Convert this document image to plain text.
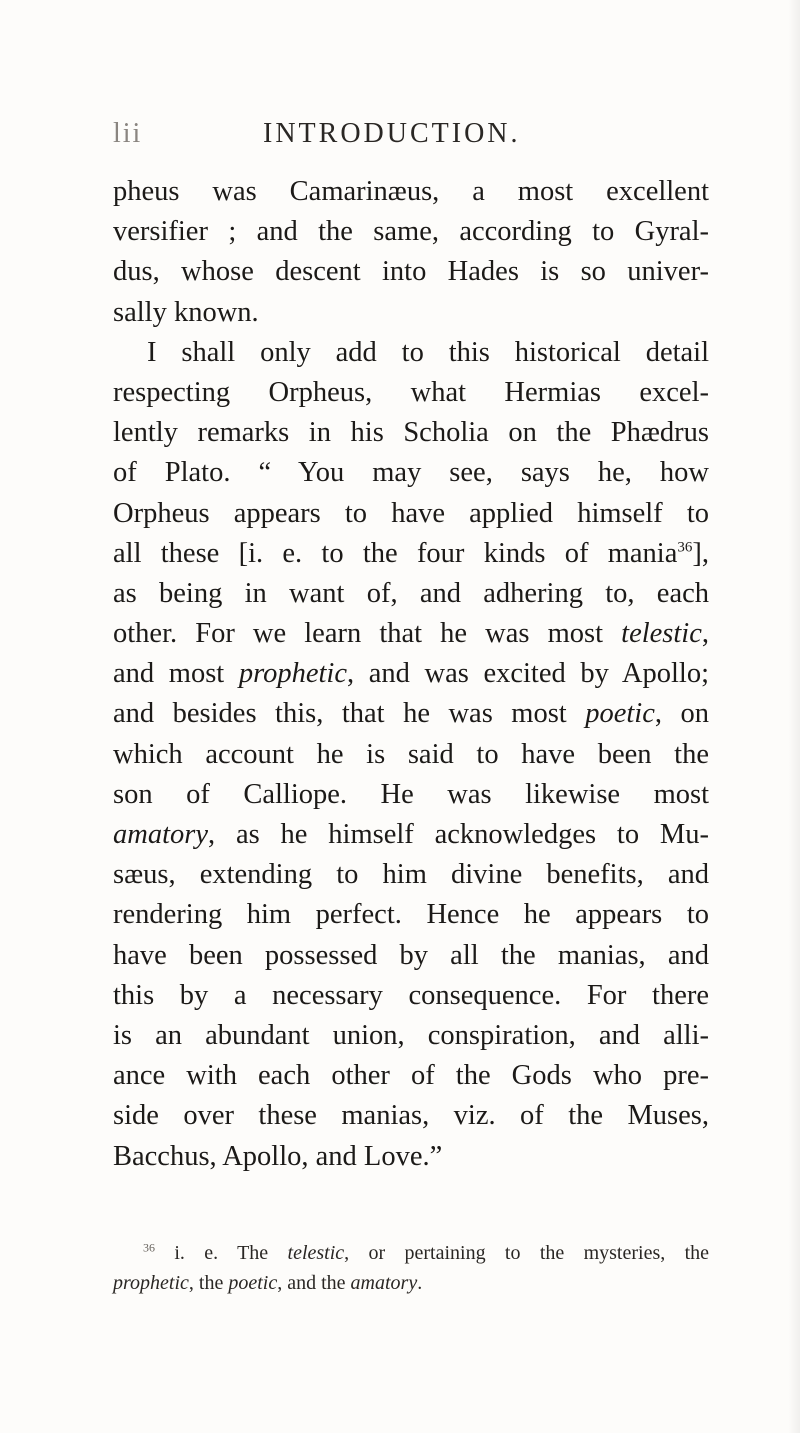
lii	INTRODUCTION.
pheus was Camarinæus, a most excellent
versifier ; and the same, according to Gyral-
dus, whose descent into Hades is so univer-
sally known.
I shall only add to this historical detail
respecting Orpheus, what Hermias excel-
lently remarks in his Scholia on the Phædrus
of Plato. “ You may see, says he, how
Orpheus appears to have applied himself to
all these [i. e. to the four kinds of mania$^{36}$],
as being in want of, and adhering to, each
other. For we learn that he was most telestic,
and most prophetic, and was excited by Apollo;
and besides this, that he was most poetic, on
which account he is said to have been the
son of Calliope. He was likewise most
amatory, as he himself acknowledges to Mu-
sæus, extending to him divine benefits, and
rendering him perfect. Hence he appears to
have been possessed by all the manias, and
this by a necessary consequence. For there
is an abundant union, conspiration, and alli-
ance with each other of the Gods who pre-
side over these manias, viz. of the Muses,
Bacchus, Apollo, and Love.”
$^{36}$ i. e. The telestic, or pertaining to the mysteries, the
prophetic, the poetic, and the amatory.
